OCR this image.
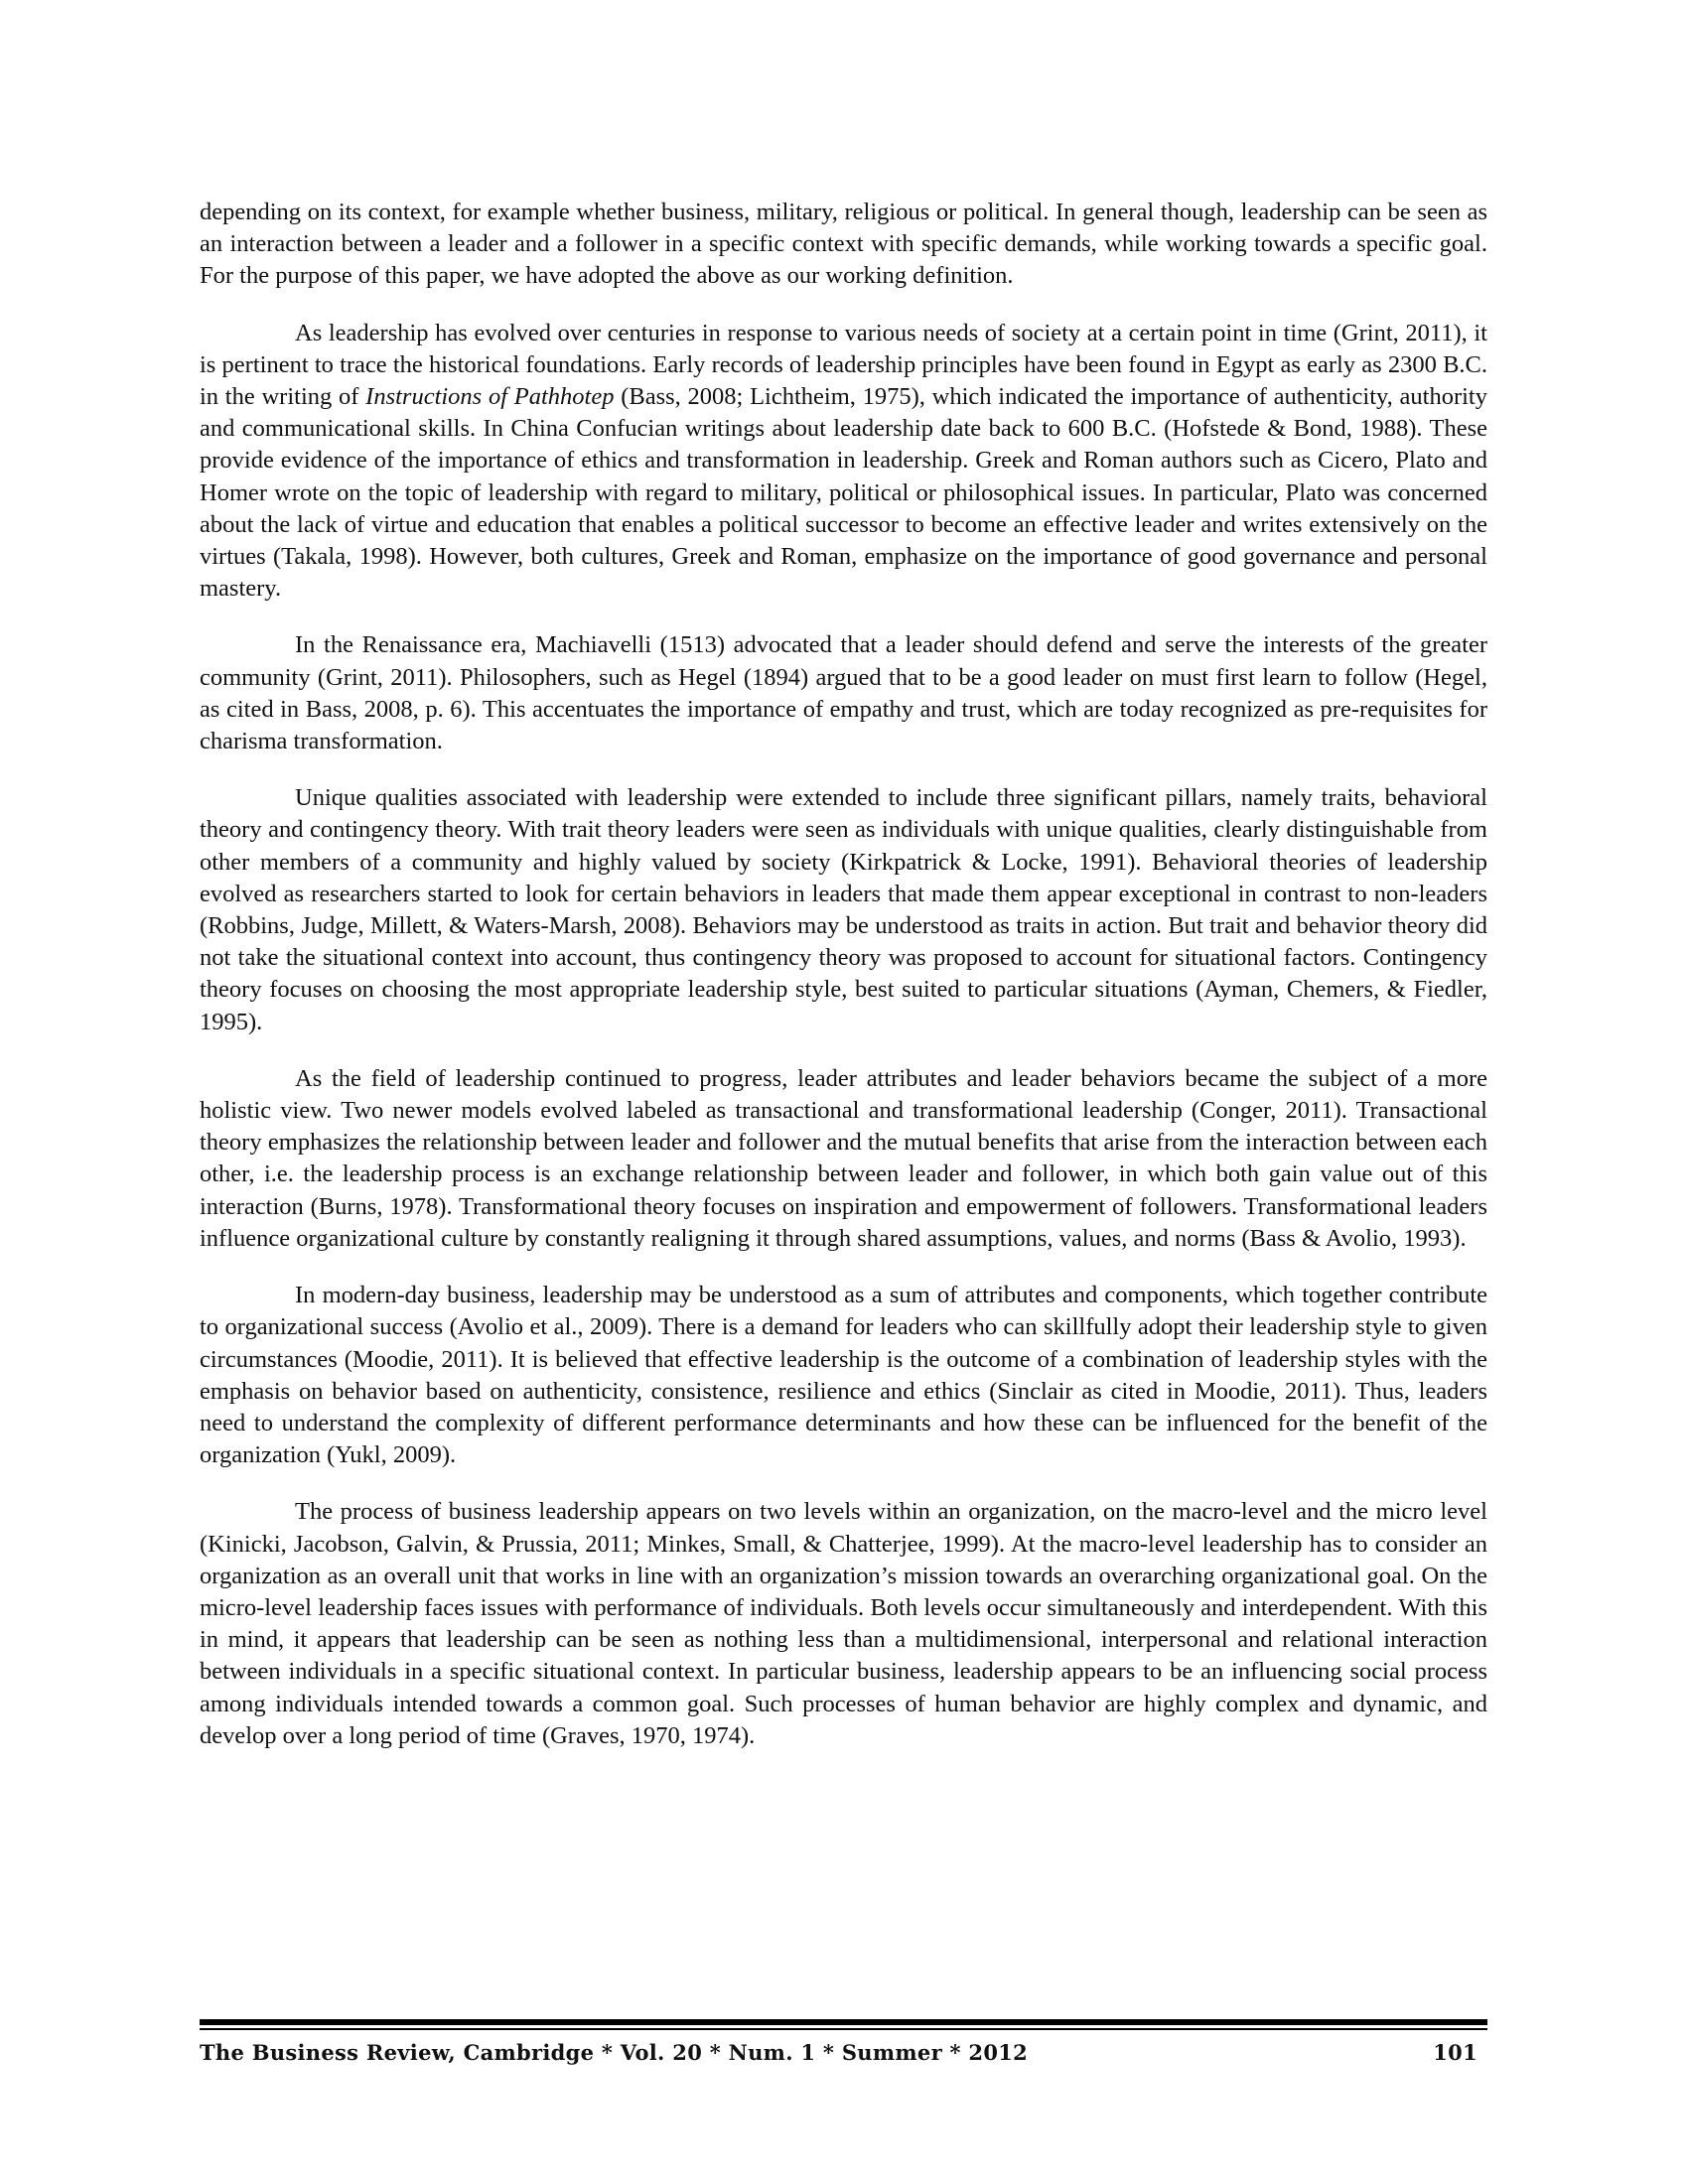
depending on its context, for example whether business, military, religious or political. In general though, leadership can be seen as an interaction between a leader and a follower in a specific context with specific demands, while working towards a specific goal. For the purpose of this paper, we have adopted the above as our working definition.

As leadership has evolved over centuries in response to various needs of society at a certain point in time (Grint, 2011), it is pertinent to trace the historical foundations. Early records of leadership principles have been found in Egypt as early as 2300 B.C. in the writing of Instructions of Pathhotep (Bass, 2008; Lichtheim, 1975), which indicated the importance of authenticity, authority and communicational skills. In China Confucian writings about leadership date back to 600 B.C. (Hofstede & Bond, 1988). These provide evidence of the importance of ethics and transformation in leadership. Greek and Roman authors such as Cicero, Plato and Homer wrote on the topic of leadership with regard to military, political or philosophical issues. In particular, Plato was concerned about the lack of virtue and education that enables a political successor to become an effective leader and writes extensively on the virtues (Takala, 1998). However, both cultures, Greek and Roman, emphasize on the importance of good governance and personal mastery.

In the Renaissance era, Machiavelli (1513) advocated that a leader should defend and serve the interests of the greater community (Grint, 2011). Philosophers, such as Hegel (1894) argued that to be a good leader on must first learn to follow (Hegel, as cited in Bass, 2008, p. 6). This accentuates the importance of empathy and trust, which are today recognized as pre-requisites for charisma transformation.

Unique qualities associated with leadership were extended to include three significant pillars, namely traits, behavioral theory and contingency theory. With trait theory leaders were seen as individuals with unique qualities, clearly distinguishable from other members of a community and highly valued by society (Kirkpatrick & Locke, 1991). Behavioral theories of leadership evolved as researchers started to look for certain behaviors in leaders that made them appear exceptional in contrast to non-leaders (Robbins, Judge, Millett, & Waters-Marsh, 2008). Behaviors may be understood as traits in action. But trait and behavior theory did not take the situational context into account, thus contingency theory was proposed to account for situational factors. Contingency theory focuses on choosing the most appropriate leadership style, best suited to particular situations (Ayman, Chemers, & Fiedler, 1995).

As the field of leadership continued to progress, leader attributes and leader behaviors became the subject of a more holistic view. Two newer models evolved labeled as transactional and transformational leadership (Conger, 2011). Transactional theory emphasizes the relationship between leader and follower and the mutual benefits that arise from the interaction between each other, i.e. the leadership process is an exchange relationship between leader and follower, in which both gain value out of this interaction (Burns, 1978). Transformational theory focuses on inspiration and empowerment of followers. Transformational leaders influence organizational culture by constantly realigning it through shared assumptions, values, and norms (Bass & Avolio, 1993).

In modern-day business, leadership may be understood as a sum of attributes and components, which together contribute to organizational success (Avolio et al., 2009). There is a demand for leaders who can skillfully adopt their leadership style to given circumstances (Moodie, 2011). It is believed that effective leadership is the outcome of a combination of leadership styles with the emphasis on behavior based on authenticity, consistence, resilience and ethics (Sinclair as cited in Moodie, 2011). Thus, leaders need to understand the complexity of different performance determinants and how these can be influenced for the benefit of the organization (Yukl, 2009).

The process of business leadership appears on two levels within an organization, on the macro-level and the micro level (Kinicki, Jacobson, Galvin, & Prussia, 2011; Minkes, Small, & Chatterjee, 1999). At the macro-level leadership has to consider an organization as an overall unit that works in line with an organization’s mission towards an overarching organizational goal. On the micro-level leadership faces issues with performance of individuals. Both levels occur simultaneously and interdependent. With this in mind, it appears that leadership can be seen as nothing less than a multidimensional, interpersonal and relational interaction between individuals in a specific situational context. In particular business, leadership appears to be an influencing social process among individuals intended towards a common goal. Such processes of human behavior are highly complex and dynamic, and develop over a long period of time (Graves, 1970, 1974).

The Business Review, Cambridge * Vol. 20 * Num. 1 * Summer * 2012	101
